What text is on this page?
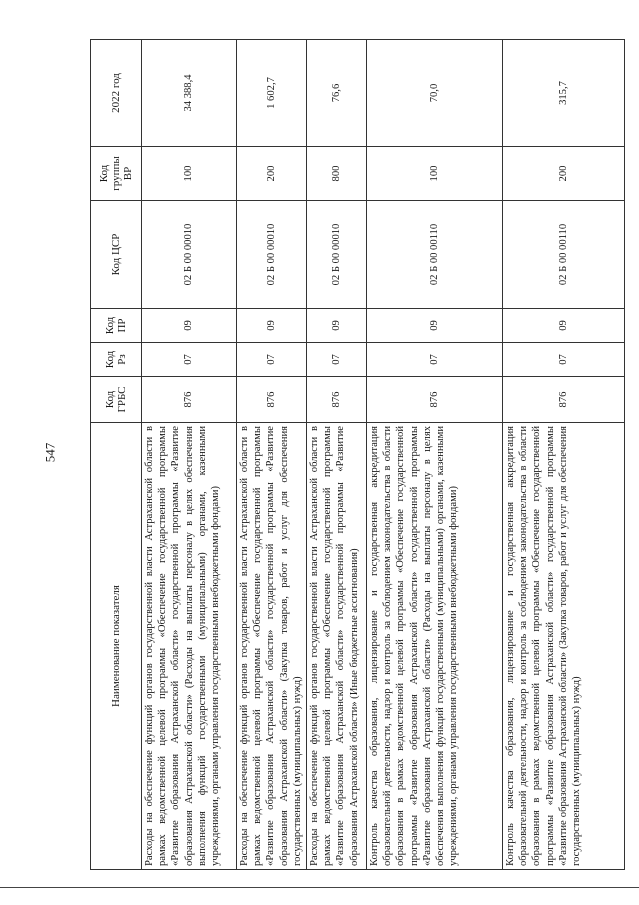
547
Наименование показателя	Код ГРБС	Код Рз	Код ПР	Код ЦСР	Код группы ВР	2022 год
Расходы на обеспечение функций органов государственной власти Астраханской области в рамках ведомственной целевой программы «Обеспечение государственной программы «Развитие образования Астраханской области» государственной программы «Развитие образования Астраханской области» (Расходы на выплаты персоналу в целях обеспечения выполнения функций государственными (муниципальными) органами, казенными учреждениями, органами управления государственными внебюджетными фондами)	876	07	09	02 Б 00 00010	100	34 388,4
Расходы на обеспечение функций органов государственной власти Астраханской области в рамках ведомственной целевой программы «Обеспечение государственной программы «Развитие образования Астраханской области» государственной программы «Развитие образования Астраханской области» (Закупка товаров, работ и услуг для обеспечения государственных (муниципальных) нужд)	876	07	09	02 Б 00 00010	200	1 602,7
Расходы на обеспечение функций органов государственной власти Астраханской области в рамках ведомственной целевой программы «Обеспечение государственной программы «Развитие образования Астраханской области» государственной программы «Развитие образования Астраханской области» (Иные бюджетные ассигнования)	876	07	09	02 Б 00 00010	800	76,6
Контроль качества образования, лицензирование и государственная аккредитация образовательной деятельности, надзор и контроль за соблюдением законодательства в области образования в рамках ведомственной целевой программы «Обеспечение государственной программы «Развитие образования Астраханской области» государственной программы «Развитие образования Астраханской области» (Расходы на выплаты персоналу в целях обеспечения выполнения функций государственными (муниципальными) органами, казенными учреждениями, органами управления государственными внебюджетными фондами)	876	07	09	02 Б 00 00110	100	70,0
Контроль качества образования, лицензирование и государственная аккредитация образовательной деятельности, надзор и контроль за соблюдением законодательства в области образования в рамках ведомственной целевой программы «Обеспечение государственной программы «Развитие образования Астраханской области» государственной программы «Развитие образования Астраханской области» (Закупка товаров, работ и услуг для обеспечения государственных (муниципальных) нужд)	876	07	09	02 Б 00 00110	200	315,7
